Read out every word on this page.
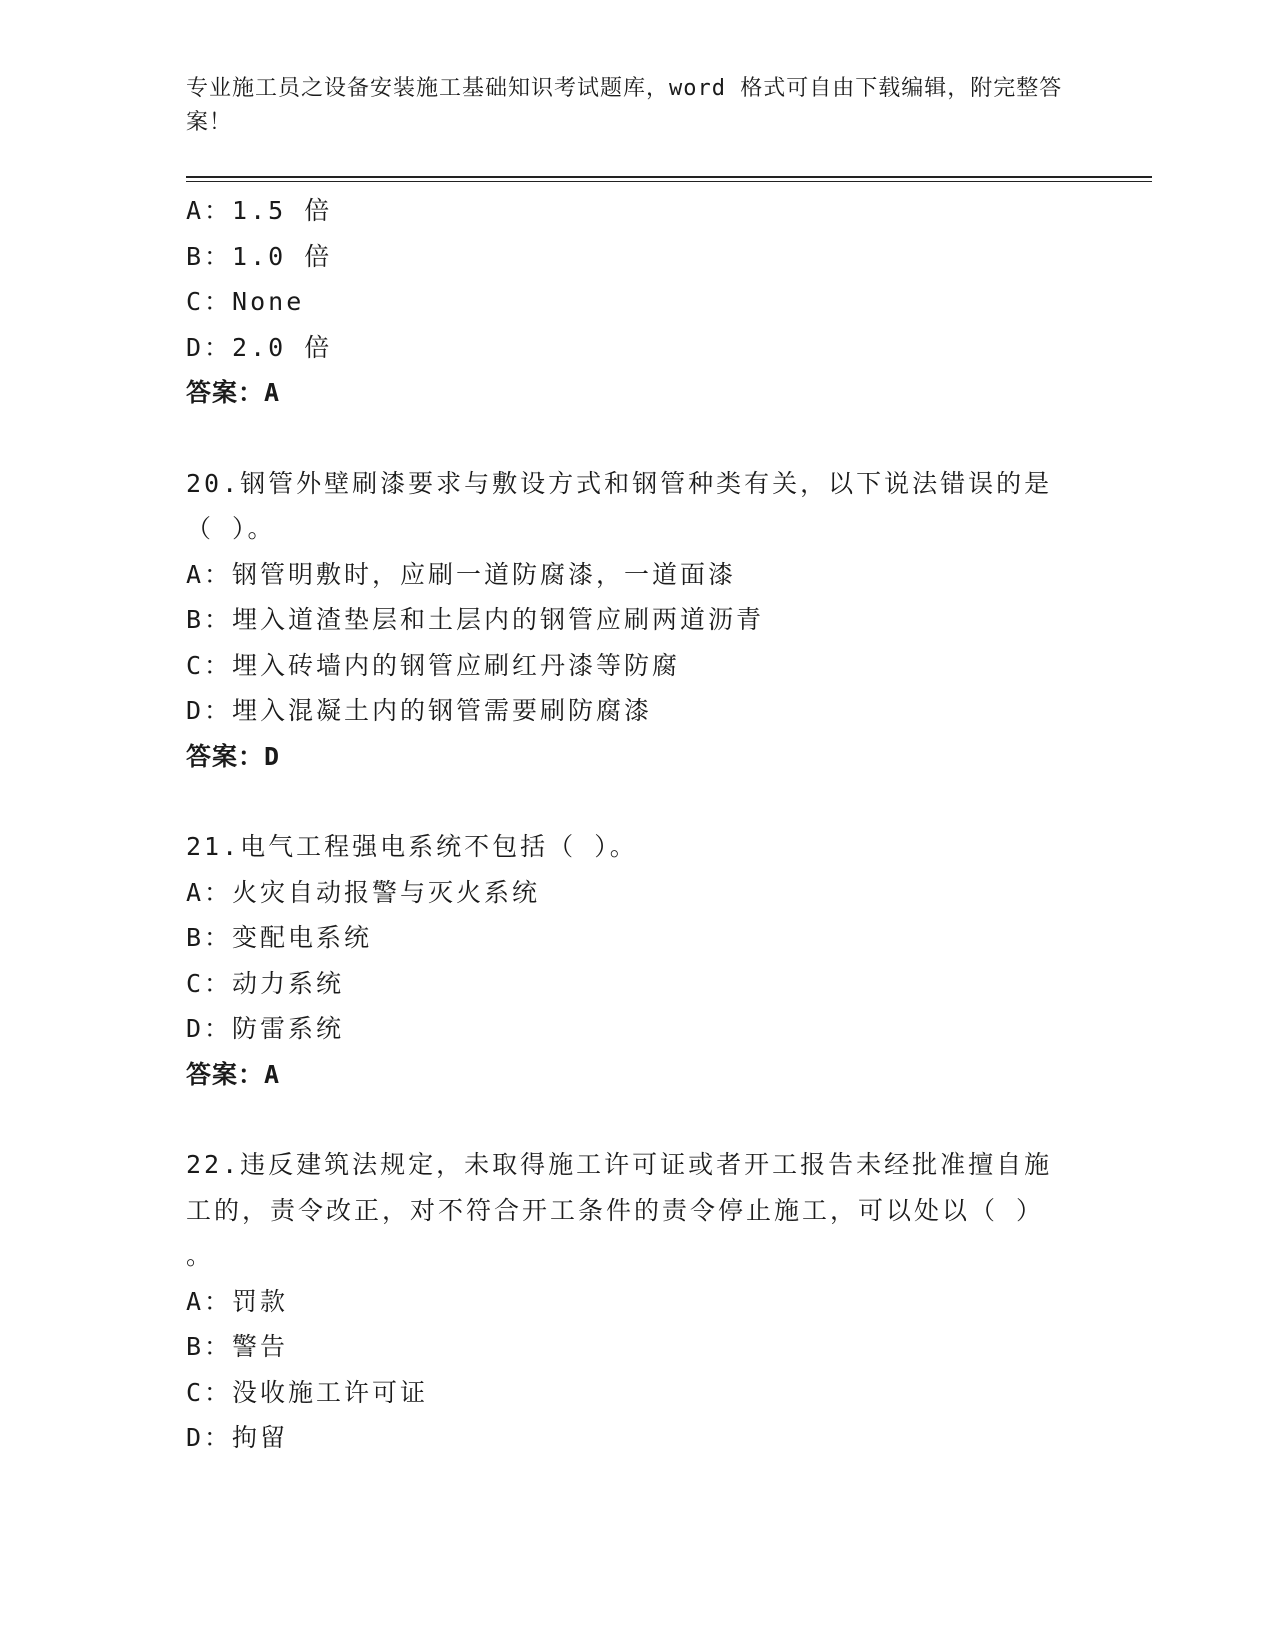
专业施工员之设备安装施工基础知识考试题库，word 格式可自由下载编辑，附完整答案！
A：1.5 倍
B：1.0 倍
C：None
D：2.0 倍
答案：A
20.钢管外壁刷漆要求与敷设方式和钢管种类有关，以下说法错误的是
（ ）。
A：钢管明敷时，应刷一道防腐漆，一道面漆
B：埋入道渣垫层和土层内的钢管应刷两道沥青
C：埋入砖墙内的钢管应刷红丹漆等防腐
D：埋入混凝土内的钢管需要刷防腐漆
答案：D
21.电气工程强电系统不包括（ ）。
A：火灾自动报警与灭火系统
B：变配电系统
C：动力系统
D：防雷系统
答案：A
22.违反建筑法规定，未取得施工许可证或者开工报告未经批准擅自施
工的，责令改正，对不符合开工条件的责令停止施工，可以处以（ ）
。
A：罚款
B：警告
C：没收施工许可证
D：拘留
